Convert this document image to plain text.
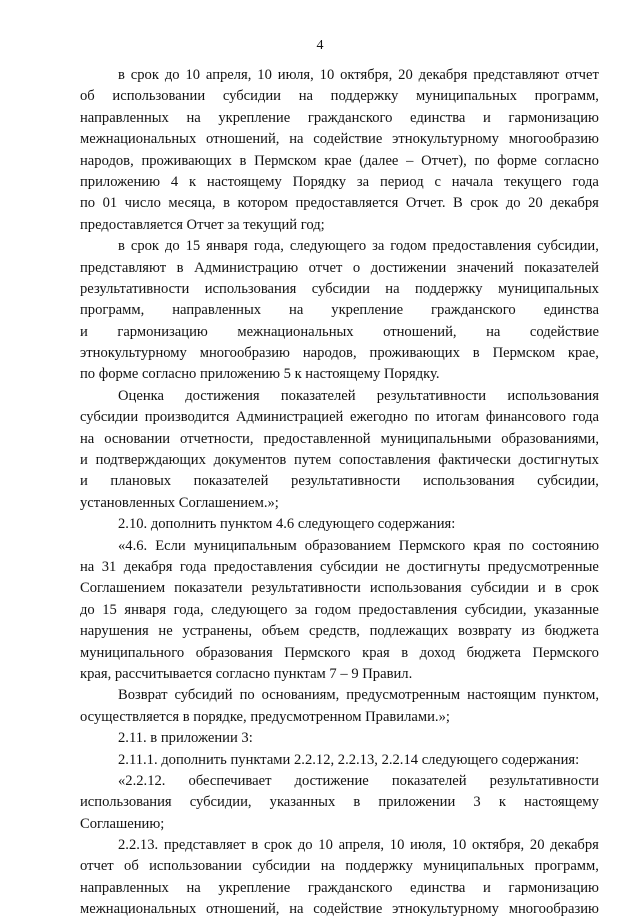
4
в срок до 10 апреля, 10 июля, 10 октября, 20 декабря представляют отчет
об использовании субсидии на поддержку муниципальных программ,
направленных на укрепление гражданского единства и гармонизацию
межнациональных отношений, на содействие этнокультурному многообразию
народов, проживающих в Пермском крае (далее – Отчет), по форме согласно
приложению 4 к настоящему Порядку за период с начала текущего года
по 01 число месяца, в котором предоставляется Отчет. В срок до 20 декабря
предоставляется Отчет за текущий год;
в срок до 15 января года, следующего за годом предоставления субсидии,
представляют в Администрацию отчет о достижении значений показателей
результативности использования субсидии на поддержку муниципальных
программ, направленных на укрепление гражданского единства
и гармонизацию межнациональных отношений, на содействие
этнокультурному многообразию народов, проживающих в Пермском крае,
по форме согласно приложению 5 к настоящему Порядку.
Оценка достижения показателей результативности использования
субсидии производится Администрацией ежегодно по итогам финансового года
на основании отчетности, предоставленной муниципальными образованиями,
и подтверждающих документов путем сопоставления фактически достигнутых
и плановых показателей результативности использования субсидии,
установленных Соглашением.»;
2.10. дополнить пунктом 4.6 следующего содержания:
«4.6. Если муниципальным образованием Пермского края по состоянию
на 31 декабря года предоставления субсидии не достигнуты предусмотренные
Соглашением показатели результативности использования субсидии и в срок
до 15 января года, следующего за годом предоставления субсидии, указанные
нарушения не устранены, объем средств, подлежащих возврату из бюджета
муниципального образования Пермского края в доход бюджета Пермского
края, рассчитывается согласно пунктам 7 – 9 Правил.
Возврат субсидий по основаниям, предусмотренным настоящим пунктом,
осуществляется в порядке, предусмотренном Правилами.»;
2.11. в приложении 3:
2.11.1. дополнить пунктами 2.2.12, 2.2.13, 2.2.14 следующего содержания:
«2.2.12. обеспечивает достижение показателей результативности
использования субсидии, указанных в приложении 3 к настоящему
Соглашению;
2.2.13. представляет в срок до 10 апреля, 10 июля, 10 октября, 20 декабря
отчет об использовании субсидии на поддержку муниципальных программ,
направленных на укрепление гражданского единства и гармонизацию
межнациональных отношений, на содействие этнокультурному многообразию
